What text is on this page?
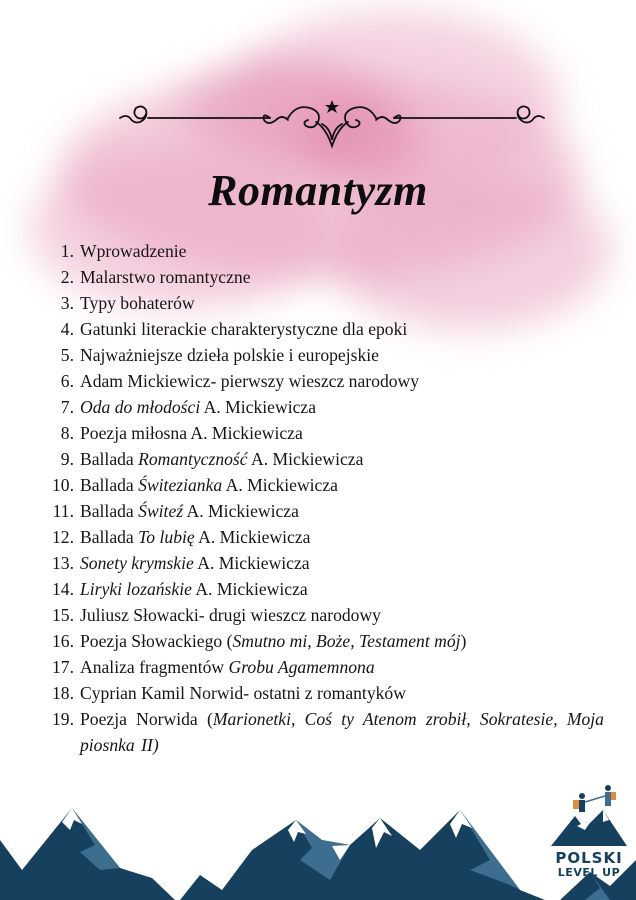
Romantyzm
1. Wprowadzenie
2. Malarstwo romantyczne
3. Typy bohaterów
4. Gatunki literackie charakterystyczne dla epoki
5. Najważniejsze dzieła polskie i europejskie
6. Adam Mickiewicz- pierwszy wieszcz narodowy
7. Oda do młodości A. Mickiewicza
8. Poezja miłosna A. Mickiewicza
9. Ballada Romantyczność A. Mickiewicza
10. Ballada Świtezianka A. Mickiewicza
11. Ballada Świteź A. Mickiewicza
12. Ballada To lubię A. Mickiewicza
13. Sonety krymskie A. Mickiewicza
14. Liryki lozańskie A. Mickiewicza
15. Juliusz Słowacki- drugi wieszcz narodowy
16. Poezja Słowackiego (Smutno mi, Boże, Testament mój)
17. Analiza fragmentów Grobu Agamemnona
18. Cyprian Kamil Norwid- ostatni z romantyków
19. Poezja Norwida (Marionetki, Coś ty Atenom zrobił, Sokratesie, Moja piosnka II)
POLSKI
LEVEL UP
